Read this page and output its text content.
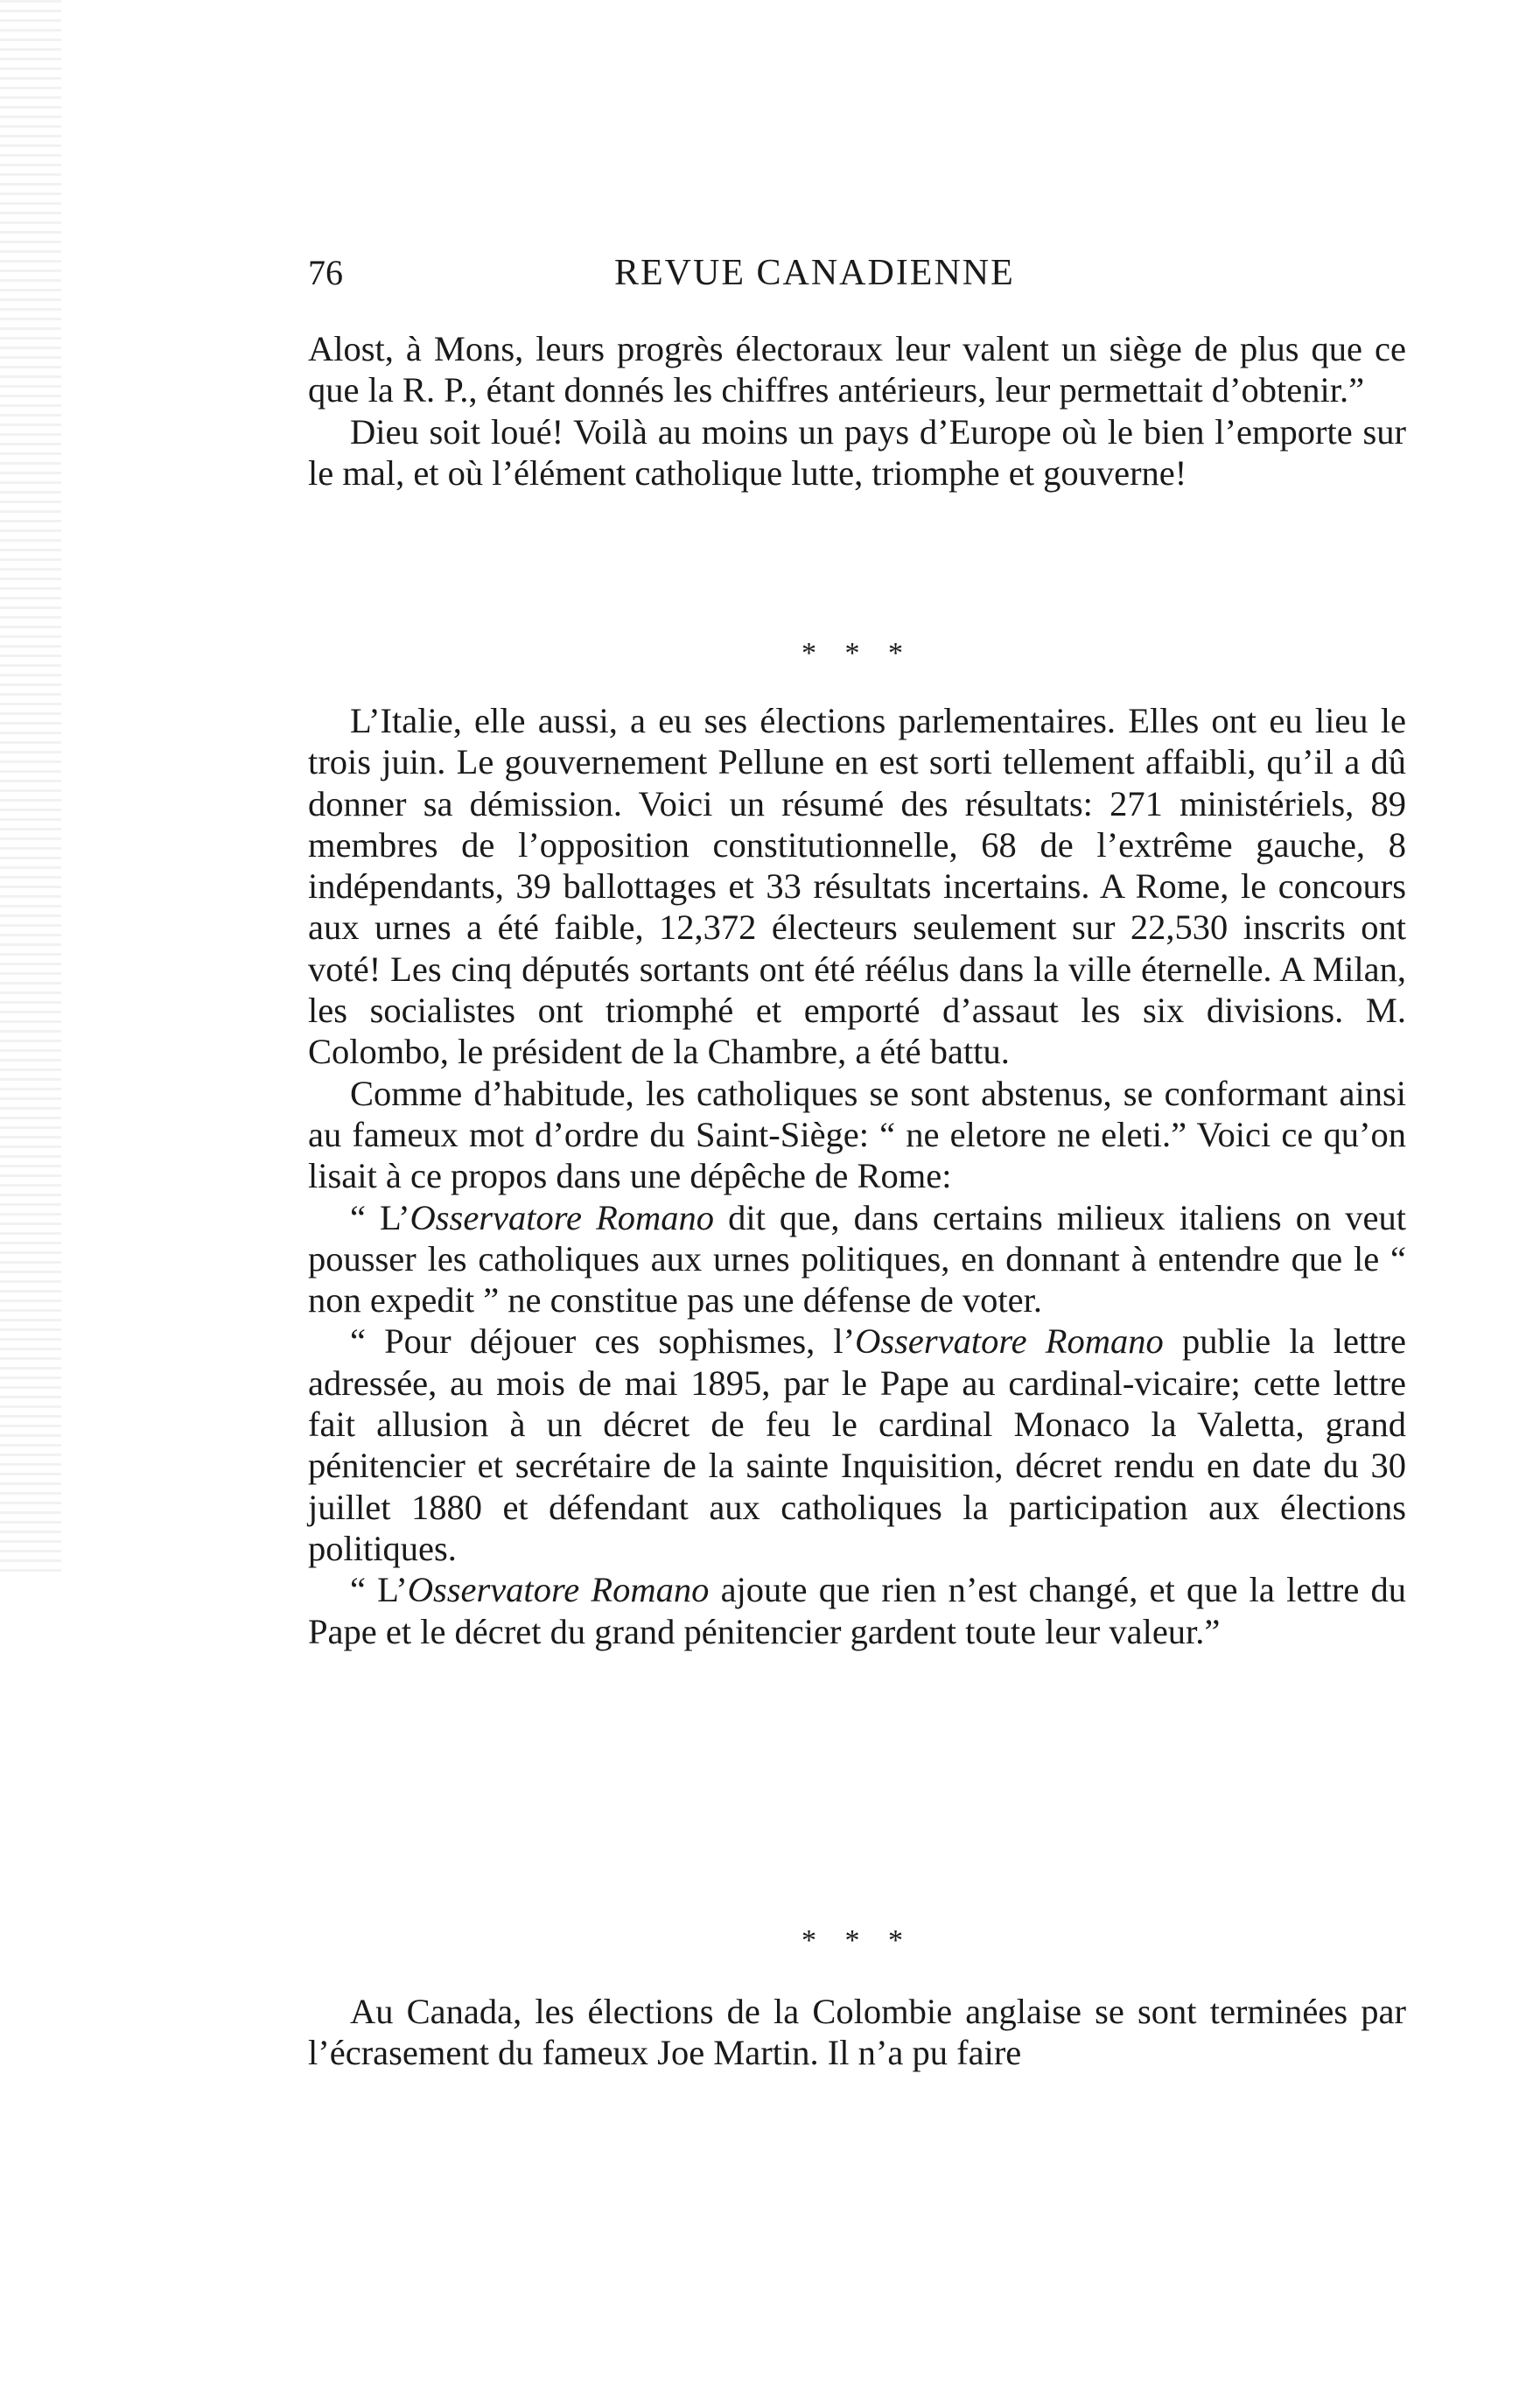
76	REVUE CANADIENNE

Alost, à Mons, leurs progrès électoraux leur valent un siège de plus que ce que la R. P., étant donnés les chiffres antérieurs, leur permettait d’obtenir.”

Dieu soit loué! Voilà au moins un pays d’Europe où le bien l’emporte sur le mal, et où l’élément catholique lutte, triomphe et gouverne!

* * *

L’Italie, elle aussi, a eu ses élections parlementaires. Elles ont eu lieu le trois juin. Le gouvernement Pellune en est sorti tellement affaibli, qu’il a dû donner sa démission. Voici un résumé des résultats: 271 ministériels, 89 membres de l’opposition constitutionnelle, 68 de l’extrême gauche, 8 indépendants, 39 ballottages et 33 résultats incertains. A Rome, le concours aux urnes a été faible, 12,372 électeurs seulement sur 22,530 inscrits ont voté! Les cinq députés sortants ont été réélus dans la ville éternelle. A Milan, les socialistes ont triomphé et emporté d’assaut les six divisions. M. Colombo, le président de la Chambre, a été battu.

Comme d’habitude, les catholiques se sont abstenus, se conformant ainsi au fameux mot d’ordre du Saint-Siège: “ ne eletore ne eleti.” Voici ce qu’on lisait à ce propos dans une dépêche de Rome:

“ L’Osservatore Romano dit que, dans certains milieux italiens on veut pousser les catholiques aux urnes politiques, en donnant à entendre que le “ non expedit ” ne constitue pas une défense de voter.

“ Pour déjouer ces sophismes, l’Osservatore Romano publie la lettre adressée, au mois de mai 1895, par le Pape au cardinal-vicaire; cette lettre fait allusion à un décret de feu le cardinal Monaco la Valetta, grand pénitencier et secrétaire de la sainte Inquisition, décret rendu en date du 30 juillet 1880 et défendant aux catholiques la participation aux élections politiques.

“ L’Osservatore Romano ajoute que rien n’est changé, et que la lettre du Pape et le décret du grand pénitencier gardent toute leur valeur.”

* * *

Au Canada, les élections de la Colombie anglaise se sont terminées par l’écrasement du fameux Joe Martin. Il n’a pu faire
